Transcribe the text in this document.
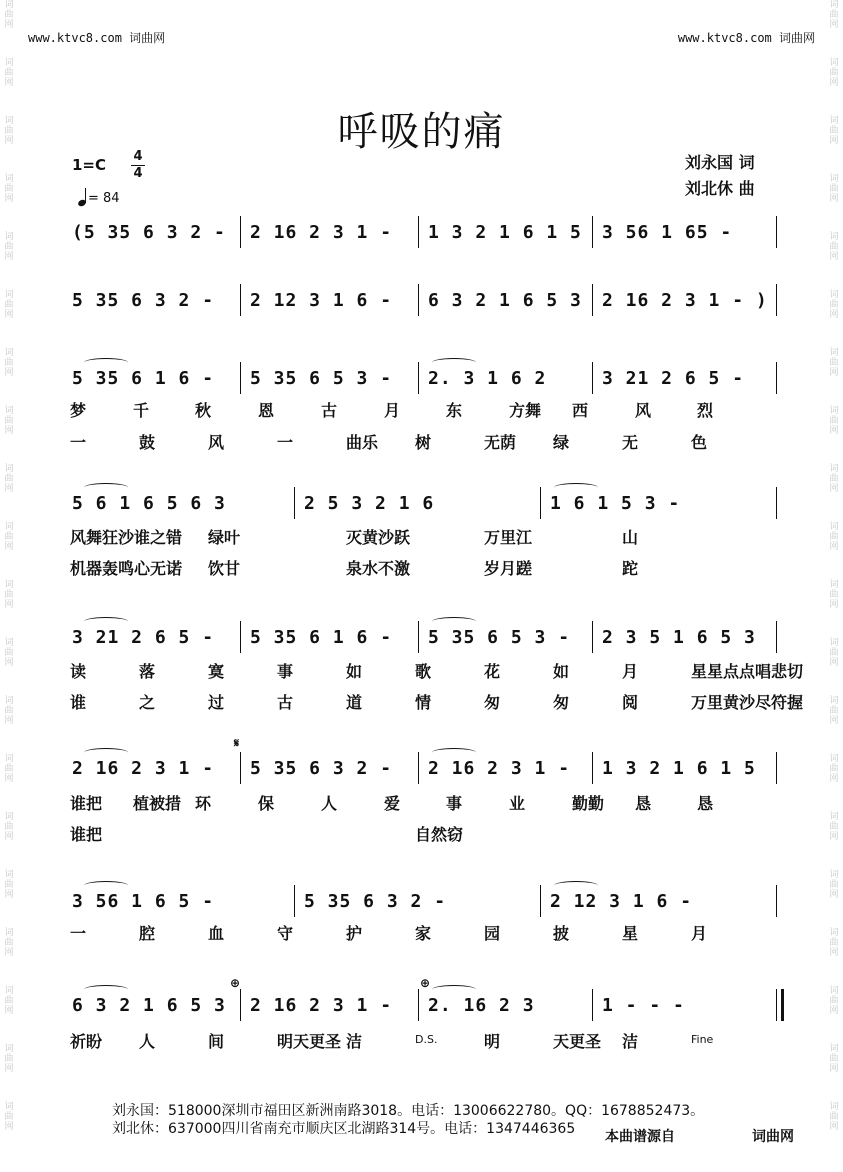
www.ktvc8.com 词曲网	www.ktvc8.com 词曲网
词
曲
网
词
曲
网
词
曲
网
词
曲
网
词
曲
网
词
曲
网
词
曲
网
词
曲
网
词
曲
网
词
曲
网
词
曲
网
词
曲
网
词
曲
网
词
曲
网
词
曲
网
词
曲
网
词
曲
网
词
曲
网
词
曲
网
词
曲
网
词
曲
网
词
曲
网
词
曲
网
词
曲
网
词
曲
网
词
曲
网
词
曲
网
词
曲
网
词
曲
网
词
曲
网
词
曲
网
词
曲
网
词
曲
网
词
曲
网
词
曲
网
词
曲
网
词
曲
网
词
曲
网
词
曲
网
词
曲
网
呼吸的痛
1=C 4
4
= 84
刘永国 词
刘北休 曲
(5 35 6 3 2 - 2 16 2 3 1 - 1 3 2 1 6 1 5 3 56 1 65 -
5 35 6 3 2 - 2 12 3 1 6 - 6 3 2 1 6 5 3 2 16 2 3 1 - )
5 35 6 1 6 - 5 35 6 5 3 - 2. 3 1 6 2	3 21 2 6 5 -
梦	千	秋	恩	古	月	东	方舞 西	风	烈
一	鼓	风	一	曲乐 树	无荫 绿	无	色
5 6 1 6 5 6 3	2 5 3 2 1 6	1 6 1 5 3 -
风舞狂沙谁之错 绿叶	灭黄沙跃	万里江	山
机器轰鸣心无诺 饮甘	泉水不激	岁月蹉	跎
3 21 2 6 5 - 5 35 6 1 6 - 5 35 6 5 3 - 2 3 5 1 6 5 3
读	落	寞	事	如	歌	花	如	月	星星点点唱悲切
谁	之	过	古	道	情	匆	匆	阅	万里黄沙尽符握
2 16 2 3 1 - 5 35 6 3 2 - 2 16 2 3 1 - 1 3 2 1 6 1 5
谁把 植被措 环	保	人	爱	事	业	勤勤 恳	恳
谁把	自然窃
3 56 1 6 5 -	5 35 6 3 2 -	2 12 3 1 6 -
一	腔	血	守	护	家	园	披	星	月
6 3 2 1 6 5 3 2 16 2 3 1 - 2. 16 2 3	1 - - -
祈盼 人	间	明天更圣 洁	D.S.	明	天更圣 洁	Fine
𝄋
⊕	⊕
刘永国：518000深圳市福田区新洲南路3018。电话：13006622780。QQ：1678852473。
刘北休：637000四川省南充市顺庆区北湖路314号。电话：1347446365 本曲谱源自	词曲网
